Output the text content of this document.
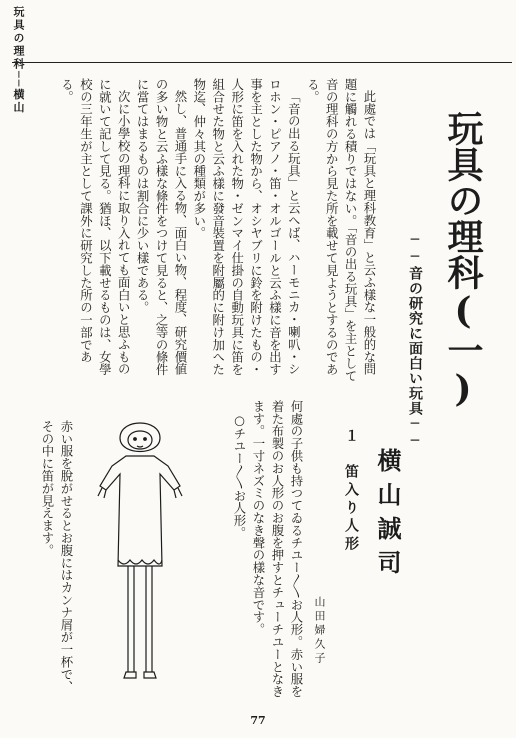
玩具の理科──横山
玩具の理科(一)
──音の研究に面白い玩具──
横山誠司
此處では「玩具と理科教育」と云ふ樣な一般的な問題に觸れる積りではない。「音の出る玩具」を主として音の理科の方から見た所を載せて見ようとするのである。
「音の出る玩具」と云へば、ハーモニカ・喇叭・シロホン・ピアノ・笛・オルゴールと云ふ樣に音を出す事を主とした物から、オシヤブリに鈴を附けたもの・人形に笛を入れた物・ゼンマイ仕掛の自動玩具に笛を組合せた物と云ふ樣に發音裝置を附屬的に附け加へた物迄、仲々其の種類が多い。
然し、普通手に入る物、面白い物、程度、研究價値の多い物と云ふ樣な條件をつけて見ると、之等の條件に當てはまるものは割合に少い樣である。
次に小學校の理科に取り入れても面白いと思ふものに就いて記して見る。猶ほ、以下載せるものは、女學校の三年生が主として課外に研究した所の一部である。
１　笛入り人形
山田婦久子
何處の子供も持つてゐるチユー〳〵お人形。赤い服を着た布製のお人形のお腹を押すとチューチユーとなきます。一寸ネズミのなき聲の樣な音です。
　○チユー〳〵お人形。
赤い服を脫がせるとお腹にはカンナ屑が一杯で、その中に笛が見えます。
77
